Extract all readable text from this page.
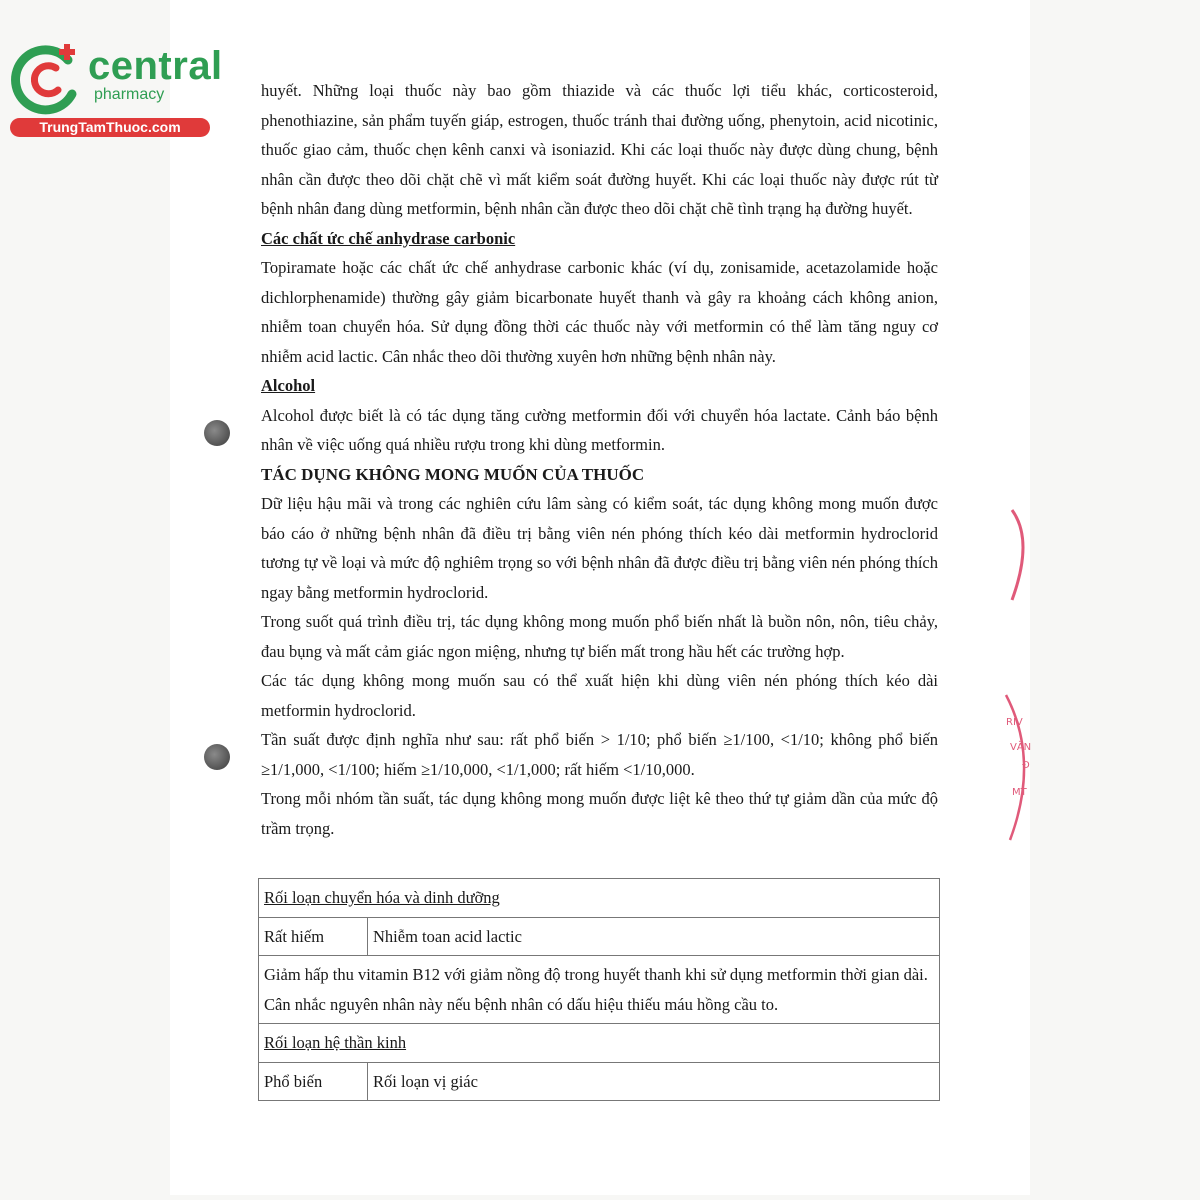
central
pharmacy
TrungTamThuoc.com
RIV
VĂN
Đ
MT

huyết. Những loại thuốc này bao gồm thiazide và các thuốc lợi tiểu khác, corticosteroid, phenothiazine, sản phẩm tuyến giáp, estrogen, thuốc tránh thai đường uống, phenytoin, acid nicotinic, thuốc giao cảm, thuốc chẹn kênh canxi và isoniazid. Khi các loại thuốc này được dùng chung, bệnh nhân cần được theo dõi chặt chẽ vì mất kiểm soát đường huyết. Khi các loại thuốc này được rút từ bệnh nhân đang dùng metformin, bệnh nhân cần được theo dõi chặt chẽ tình trạng hạ đường huyết.

Các chất ức chế anhydrase carbonic

Topiramate hoặc các chất ức chế anhydrase carbonic khác (ví dụ, zonisamide, acetazolamide hoặc dichlorphenamide) thường gây giảm bicarbonate huyết thanh và gây ra khoảng cách không anion, nhiễm toan chuyển hóa. Sử dụng đồng thời các thuốc này với metformin có thể làm tăng nguy cơ nhiễm acid lactic. Cân nhắc theo dõi thường xuyên hơn những bệnh nhân này.

Alcohol

Alcohol được biết là có tác dụng tăng cường metformin đối với chuyển hóa lactate. Cảnh báo bệnh nhân về việc uống quá nhiều rượu trong khi dùng metformin.

TÁC DỤNG KHÔNG MONG MUỐN CỦA THUỐC

Dữ liệu hậu mãi và trong các nghiên cứu lâm sàng có kiểm soát, tác dụng không mong muốn được báo cáo ở những bệnh nhân đã điều trị bằng viên nén phóng thích kéo dài metformin hydroclorid tương tự về loại và mức độ nghiêm trọng so với bệnh nhân đã được điều trị bằng viên nén phóng thích ngay bằng metformin hydroclorid.

Trong suốt quá trình điều trị, tác dụng không mong muốn phổ biến nhất là buồn nôn, nôn, tiêu chảy, đau bụng và mất cảm giác ngon miệng, nhưng tự biến mất trong hầu hết các trường hợp.

Các tác dụng không mong muốn sau có thể xuất hiện khi dùng viên nén phóng thích kéo dài metformin hydroclorid.

Tần suất được định nghĩa như sau: rất phổ biến > 1/10; phổ biến ≥1/100, <1/10; không phổ biến ≥1/1,000, <1/100; hiếm ≥1/10,000, <1/1,000; rất hiếm <1/10,000.

Trong mỗi nhóm tần suất, tác dụng không mong muốn được liệt kê theo thứ tự giảm dần của mức độ trầm trọng.

Rối loạn chuyển hóa và dinh dưỡng	
Rất hiếm	Nhiễm toan acid lactic
Giảm hấp thu vitamin B12 với giảm nồng độ trong huyết thanh khi sử dụng metformin thời gian dài. Cân nhắc nguyên nhân này nếu bệnh nhân có dấu hiệu thiếu máu hồng cầu to.	
Rối loạn hệ thần kinh	
Phổ biến	Rối loạn vị giác
